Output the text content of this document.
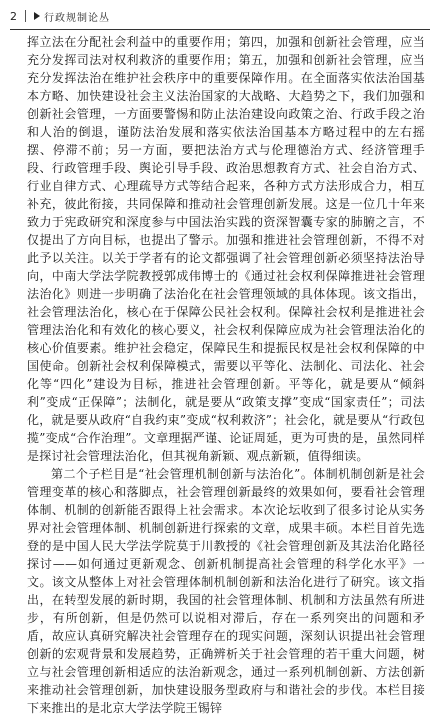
2	行政规制论丛

挥立法在分配社会利益中的重要作用；第四，加强和创新社会管理，应当充分发挥司法对权利救济的重要作用；第五，加强和创新社会管理，应当充分发挥法治在维护社会秩序中的重要保障作用。在全面落实依法治国基本方略、加快建设社会主义法治国家的大战略、大趋势之下，我们加强和创新社会管理，一方面要警惕和防止法治建设向政策之治、行政手段之治和人治的倒退，谨防法治发展和落实依法治国基本方略过程中的左右摇摆、停滞不前；另一方面，要把法治方式与伦理德治方式、经济管理手段、行政管理手段、舆论引导手段、政治思想教育方式、社会自治方式、行业自律方式、心理疏导方式等结合起来，各种方式方法形成合力，相互补充，彼此衔接，共同保障和推动社会管理创新发展。这是一位几十年来致力于宪政研究和深度参与中国法治实践的资深智囊专家的肺腑之言，不仅提出了方向目标，也提出了警示。加强和推进社会管理创新，不得不对此予以关注。以关于学者有的论文都强调了社会管理创新必须坚持法治导向，中南大学法学院教授郭成伟博士的《通过社会权利保障推进社会管理法治化》则进一步明确了法治化在社会管理领域的具体体现。该文指出，社会管理法治化，核心在于保障公民社会权利。保障社会权利是推进社会管理法治化和有效化的核心要义，社会权利保障应成为社会管理法治化的核心价值要素。维护社会稳定，保障民生和提振民权是社会权利保障的中国使命。创新社会权利保障模式，需要以平等化、法制化、司法化、社会化等“四化”建设为目标，推进社会管理创新。平等化，就是要从“倾斜利”变成“正保障”；法制化，就是要从“政策支撑”变成“国家责任”；司法化，就是要从政府“自我约束”变成“权利救济”；社会化，就是要从“行政包揽”变成“合作治理”。文章理据严谨、论证周延，更为可贵的是，虽然同样是探讨社会管理法治化，但其视角新颖、观点新颖，值得细读。

第二个子栏目是“社会管理机制创新与法治化”。体制机制创新是社会管理变革的核心和落脚点，社会管理创新最终的效果如何，要看社会管理体制、机制的创新能否跟得上社会需求。本次论坛收到了很多讨论从实务界对社会管理体制、机制创新进行探索的文章，成果丰硕。本栏目首先选登的是中国人民大学法学院莫于川教授的《社会管理创新及其法治化路径探讨——如何通过更新观念、创新机制提高社会管理的科学化水平》一文。该文从整体上对社会管理体制机制创新和法治化进行了研究。该文指出，在转型发展的新时期，我国的社会管理体制、机制和方法虽然有所进步，有所创新，但是仍然可以说相对滞后，存在一系列突出的问题和矛盾，故应认真研究解决社会管理存在的现实问题，深刻认识提出社会管理创新的宏观背景和发展趋势，正确辨析关于社会管理的若干重大问题，树立与社会管理创新相适应的法治新观念，通过一系列机制创新、方法创新来推动社会管理创新，加快建设服务型政府与和谐社会的步伐。本栏目接下来推出的是北京大学法学院王锡锌
